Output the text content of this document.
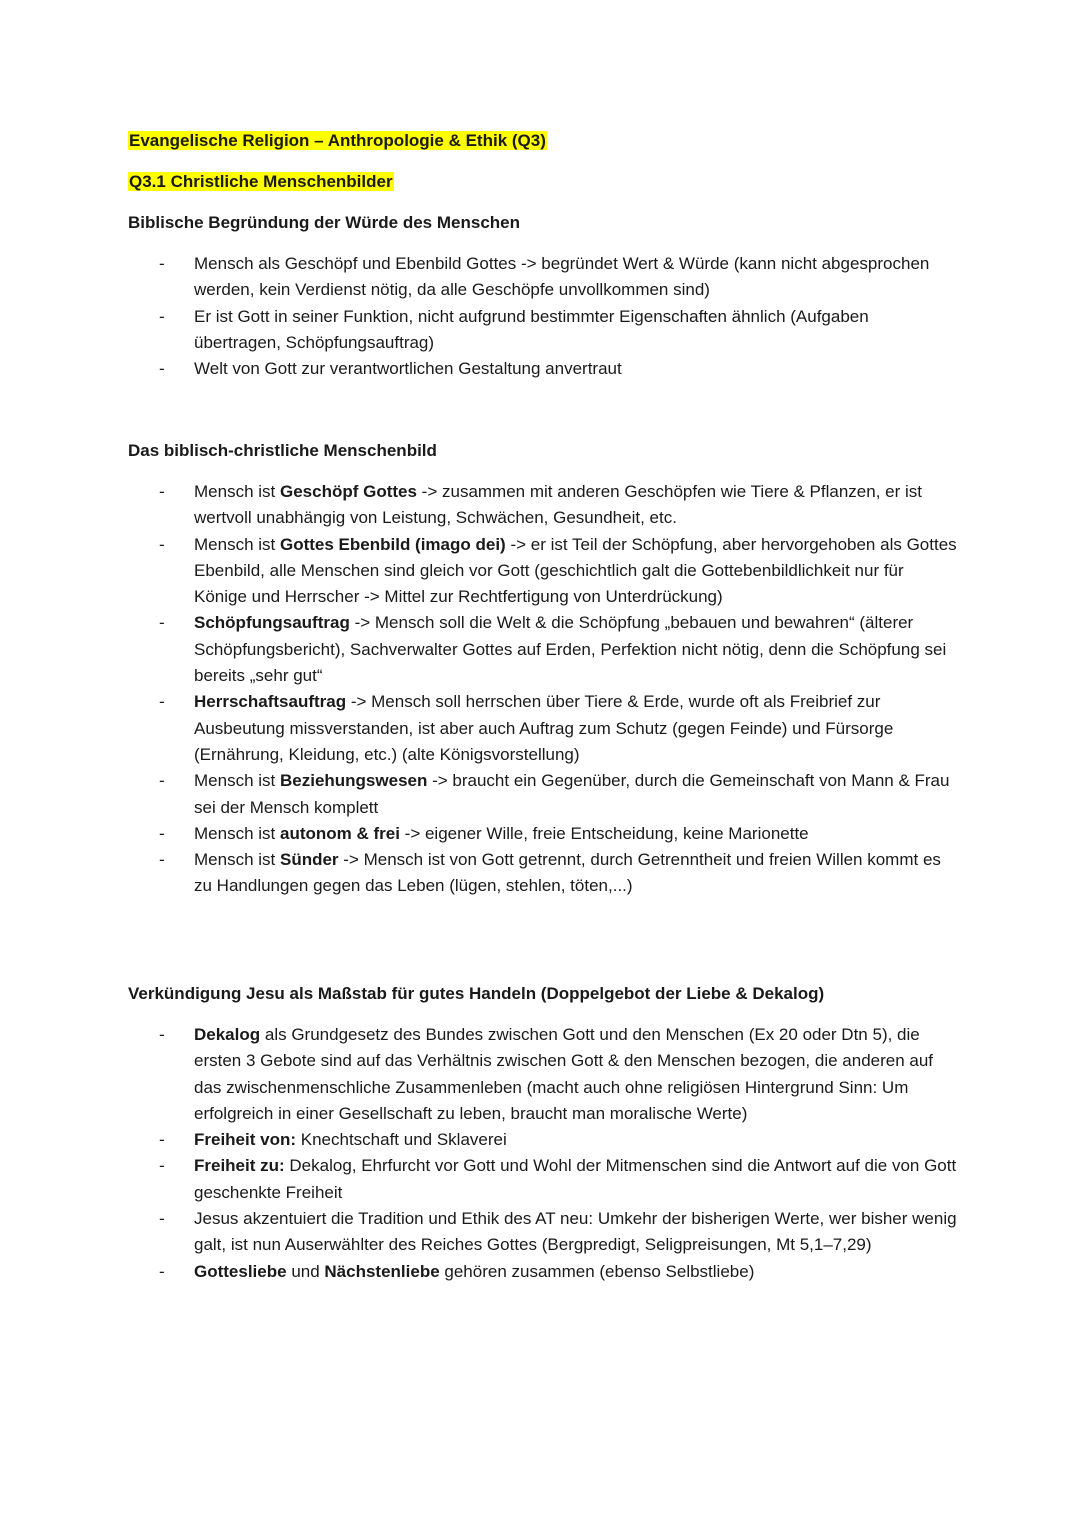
Evangelische Religion – Anthropologie & Ethik (Q3)
Q3.1 Christliche Menschenbilder
Biblische Begründung der Würde des Menschen
- Mensch als Geschöpf und Ebenbild Gottes -> begründet Wert & Würde (kann nicht abgesprochen werden, kein Verdienst nötig, da alle Geschöpfe unvollkommen sind)
- Er ist Gott in seiner Funktion, nicht aufgrund bestimmter Eigenschaften ähnlich (Aufgaben übertragen, Schöpfungsauftrag)
- Welt von Gott zur verantwortlichen Gestaltung anvertraut
Das biblisch-christliche Menschenbild
- Mensch ist Geschöpf Gottes -> zusammen mit anderen Geschöpfen wie Tiere & Pflanzen, er ist wertvoll unabhängig von Leistung, Schwächen, Gesundheit, etc.
- Mensch ist Gottes Ebenbild (imago dei) -> er ist Teil der Schöpfung, aber hervorgehoben als Gottes Ebenbild, alle Menschen sind gleich vor Gott (geschichtlich galt die Gottebenbildlichkeit nur für Könige und Herrscher -> Mittel zur Rechtfertigung von Unterdrückung)
- Schöpfungsauftrag -> Mensch soll die Welt & die Schöpfung „bebauen und bewahren“ (älterer Schöpfungsbericht), Sachverwalter Gottes auf Erden, Perfektion nicht nötig, denn die Schöpfung sei bereits „sehr gut“
- Herrschaftsauftrag -> Mensch soll herrschen über Tiere & Erde, wurde oft als Freibrief zur Ausbeutung missverstanden, ist aber auch Auftrag zum Schutz (gegen Feinde) und Fürsorge (Ernährung, Kleidung, etc.) (alte Königsvorstellung)
- Mensch ist Beziehungswesen -> braucht ein Gegenüber, durch die Gemeinschaft von Mann & Frau sei der Mensch komplett
- Mensch ist autonom & frei -> eigener Wille, freie Entscheidung, keine Marionette
- Mensch ist Sünder -> Mensch ist von Gott getrennt, durch Getrenntheit und freien Willen kommt es zu Handlungen gegen das Leben (lügen, stehlen, töten,...)
Verkündigung Jesu als Maßstab für gutes Handeln (Doppelgebot der Liebe & Dekalog)
- Dekalog als Grundgesetz des Bundes zwischen Gott und den Menschen (Ex 20 oder Dtn 5), die ersten 3 Gebote sind auf das Verhältnis zwischen Gott & den Menschen bezogen, die anderen auf das zwischenmenschliche Zusammenleben (macht auch ohne religiösen Hintergrund Sinn: Um erfolgreich in einer Gesellschaft zu leben, braucht man moralische Werte)
- Freiheit von: Knechtschaft und Sklaverei
- Freiheit zu: Dekalog, Ehrfurcht vor Gott und Wohl der Mitmenschen sind die Antwort auf die von Gott geschenkte Freiheit
- Jesus akzentuiert die Tradition und Ethik des AT neu: Umkehr der bisherigen Werte, wer bisher wenig galt, ist nun Auserwählter des Reiches Gottes (Bergpredigt, Seligpreisungen, Mt 5,1–7,29)
- Gottesliebe und Nächstenliebe gehören zusammen (ebenso Selbstliebe)
